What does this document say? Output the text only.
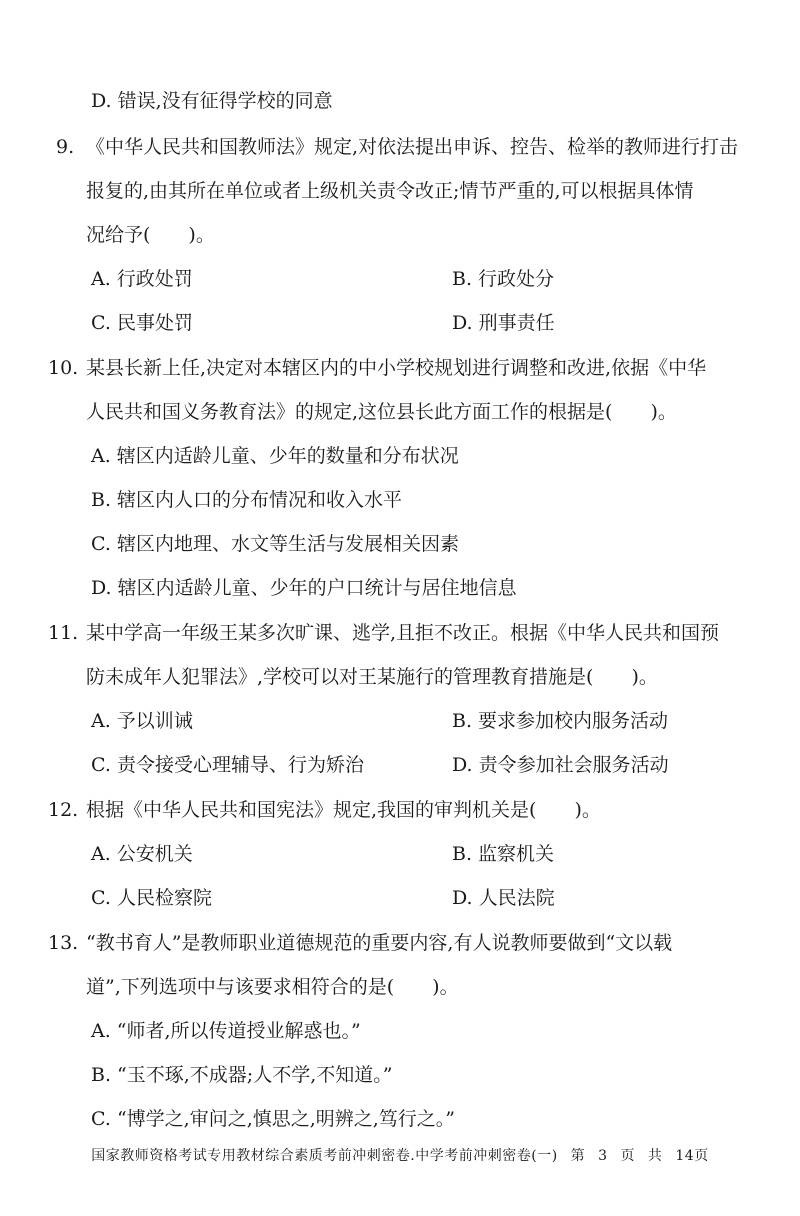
D. 错误,没有征得学校的同意
9. 《中华人民共和国教师法》规定,对依法提出申诉、控告、检举的教师进行打击
报复的,由其所在单位或者上级机关责令改正;情节严重的,可以根据具体情
况给予(　　)。
A. 行政处罚	B. 行政处分
C. 民事处罚	D. 刑事责任
10. 某县长新上任,决定对本辖区内的中小学校规划进行调整和改进,依据《中华
人民共和国义务教育法》的规定,这位县长此方面工作的根据是(　　)。
A. 辖区内适龄儿童、少年的数量和分布状况
B. 辖区内人口的分布情况和收入水平
C. 辖区内地理、水文等生活与发展相关因素
D. 辖区内适龄儿童、少年的户口统计与居住地信息
11. 某中学高一年级王某多次旷课、逃学,且拒不改正。根据《中华人民共和国预
防未成年人犯罪法》,学校可以对王某施行的管理教育措施是(　　)。
A. 予以训诫	B. 要求参加校内服务活动
C. 责令接受心理辅导、行为矫治	D. 责令参加社会服务活动
12. 根据《中华人民共和国宪法》规定,我国的审判机关是(　　)。
A. 公安机关	B. 监察机关
C. 人民检察院	D. 人民法院
13. “教书育人”是教师职业道德规范的重要内容,有人说教师要做到“文以载
道”,下列选项中与该要求相符合的是(　　)。
A. “师者,所以传道授业解惑也。”
B. “玉不琢,不成器;人不学,不知道。”
C. “博学之,审问之,慎思之,明辨之,笃行之。”
国家教师资格考试专用教材综合素质考前冲刺密卷.中学考前冲刺密卷(一) 第 3 页 共 14页
